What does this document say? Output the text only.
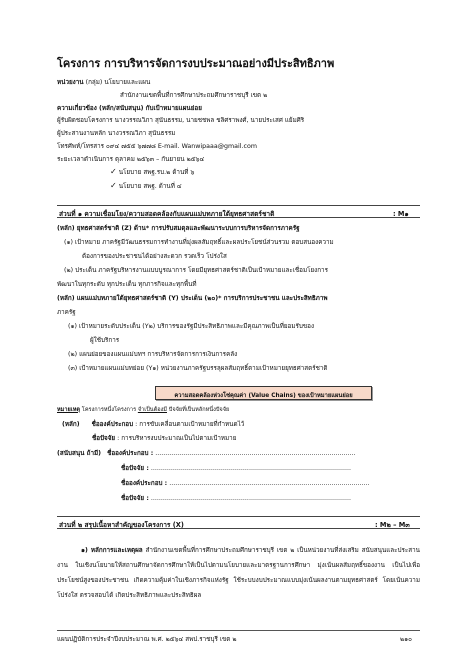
โครงการ การบริหารจัดการงบประมาณอย่างมีประสิทธิภาพ
หน่วยงาน (กลุ่ม) นโยบายและแผน
สำนักงานเขตพื้นที่การศึกษาประถมศึกษาราชบุรี เขต ๒
ความเกี่ยวข้อง (หลัก/สนับสนุน) กับเป้าหมายแผนย่อย
ผู้รับผิดชอบโครงการ นางวรรณวิภา สุนันธรรม, นายชชพล ชลิศราพงศ์, นายประเสศ แย้มศิริ
ผู้ประสานงานหลัก นางวรรณวิภา สุนันธรรม
โทรศัพท์/โทรสาร ๐๙๔ ๗๕๕ ๖๗๗๘ E-mail. Wanwipaaa@gmail.com
ระยะเวลาดำเนินการ ตุลาคม ๒๕๖๓ – กันยายน ๒๕๖๔
✓ นโยบาย สพฐ.รบ.๒ ด้านที่ ๖
✓ นโยบาย สพฐ. ด้านที่ ๔
ส่วนที่ ๑ ความเชื่อมโยง/ความสอดคล้องกับแผนแม่บทภายใต้ยุทธศาสตร์ชาติ	: M๑
(หลัก) ยุทธศาสตร์ชาติ (Z) ด้าน* การปรับสมดุลและพัฒนาระบบการบริหารจัดการภาครัฐ
(๑) เป้าหมาย ภาครัฐมีวัฒนธรรมการทำงานที่มุ่งผลสัมฤทธิ์และผลประโยชน์ส่วนรวม ตอบสนองความ
ต้องการของประชาชนได้อย่างสะดวก รวดเร็ว โปร่งใส
(๒) ประเด็น ภาครัฐบริหารงานแบบบูรณาการ โดยมียุทธศาสตร์ชาติเป็นเป้าหมายและเชื่อมโยงการ
พัฒนาในทุกระดับ ทุกประเด็น ทุกภารกิจและทุกพื้นที่
(หลัก) แผนแม่บทภายใต้ยุทธศาสตร์ชาติ (Y) ประเด็น (๒๐)* การบริการประชาชน และประสิทธิภาพ
ภาครัฐ
(๑) เป้าหมายระดับประเด็น (Y๒) บริการของรัฐมีประสิทธิภาพและมีคุณภาพเป็นที่ยอมรับของ
ผู้ใช้บริการ
(๒) แผนย่อยของแผนแม่บทฯ การบริหารจัดการการเงินการคลัง
(๓) เป้าหมายแผนแม่บทย่อย (Y๑) หน่วยงานภาครัฐบรรลุผลสัมฤทธิ์ตามเป้าหมายยุทธศาสตร์ชาติ
ความสอดคล้องห่วงโซ่คุณค่า (Value Chains) ของเป้าหมายแผนย่อย
หมายเหตุ โครงการหนึ่งโครงการ จำเป็นต้องมี ปัจจัยที่เป็นหลักหนึ่งปัจจัย
(หลัก) ชื่อองค์ประกอบ : การขับเคลื่อนตามเป้าหมายที่กำหนดไว้
ชื่อปัจจัย : การบริหารงบประมาณเป็นไปตามเป้าหมาย
(สนับสนุน ถ้ามี) ชื่อองค์ประกอบ : ....................................................................................................
ชื่อปัจจัย : ....................................................................................................
ชื่อองค์ประกอบ : ....................................................................................................
ชื่อปัจจัย : ....................................................................................................
ส่วนที่ ๒ สรุปเนื้อหาสำคัญของโครงการ (X)	: M๒ – M๓
๑) หลักการและเหตุผล สำนักงานเขตพื้นที่การศึกษาประถมศึกษาราชบุรี เขต ๒ เป็นหน่วยงานที่ส่งเสริม สนับสนุนและประสานงาน ในเชิงนโยบายให้สถานศึกษาจัดการศึกษาให้เป็นไปตามนโยบายและมาตรฐานการศึกษา มุ่งเน้นผลสัมฤทธิ์ของงาน เป็นไปเพื่อประโยชน์สูงของประชาชน เกิดความคุ้มค่าในเชิงภารกิจแห่งรัฐ ใช้ระบบงบประมาณแบบมุ่งเน้นผลงานตามยุทธศาสตร์ โดยเน้นความโปร่งใส ตรวจสอบได้ เกิดประสิทธิภาพและประสิทธิผล
แผนปฏิบัติการประจำปีงบประมาณ พ.ศ. ๒๕๖๔ สพป.ราชบุรี เขต ๒	๒๑๐
